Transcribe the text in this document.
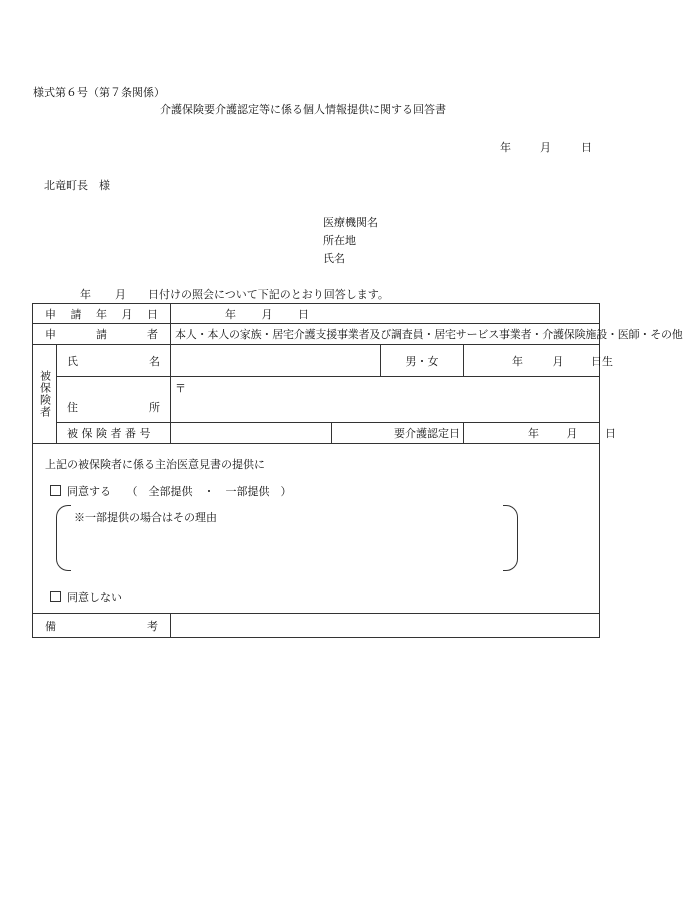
様式第６号（第７条関係）
介護保険要介護認定等に係る個人情報提供に関する回答書
年	月	日
北竜町長　様
医療機関名
所在地
氏名
年 月 日付けの照会について下記のとおり回答します。
申 請 年 月 日		年 月 日			

申 請 者		本人・本人の家族・居宅介護支援事業者及び調査員・居宅サービス事業者・介護保険施設・医師・その他			
被保険者	氏 名			男・女	年 月 日生

	住 所	〒			
	被 保 険 者 番 号		要介護認定日		年 月 日

備 考					

上記の被保険者に係る主治医意見書の提供に
同意する （　全部提供　・　一部提供　）
※一部提供の場合はその理由
同意しない
